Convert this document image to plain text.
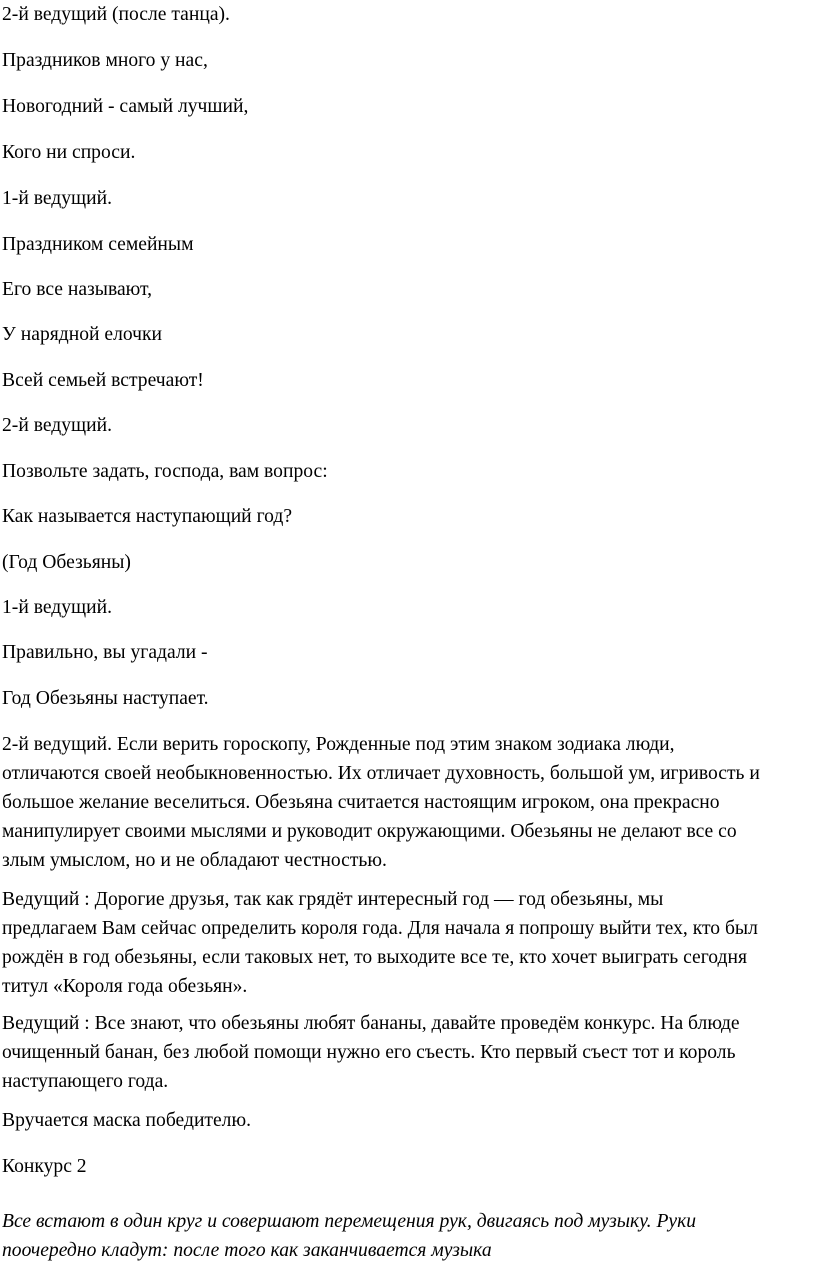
2-й ведущий (после танца).
Праздников много у нас,
Новогодний - самый лучший,
Кого ни спроси.
1-й ведущий.
Праздником семейным
Его все называют,
У нарядной елочки
Всей семьей встречают!
2-й ведущий.
Позвольте задать, господа, вам вопрос:
Как называется наступающий год?
(Год Обезьяны)
1-й ведущий.
Правильно, вы угадали -
Год Обезьяны наступает.
2-й ведущий. Если верить гороскопу, Рожденные под этим знаком зодиака люди,
отличаются своей необыкновенностью. Их отличает духовность, большой ум, игривость и
большое желание веселиться. Обезьяна считается настоящим игроком, она прекрасно
манипулирует своими мыслями и руководит окружающими. Обезьяны не делают все со
злым умыслом, но и не обладают честностью.
Ведущий : Дорогие друзья, так как грядёт интересный год — год обезьяны, мы
предлагаем Вам сейчас определить короля года. Для начала я попрошу выйти тех, кто был
рождён в год обезьяны, если таковых нет, то выходите все те, кто хочет выиграть сегодня
титул «Короля года обезьян».
Ведущий : Все знают, что обезьяны любят бананы, давайте проведём конкурс. На блюде
очищенный банан, без любой помощи нужно его съесть. Кто первый съест тот и король
наступающего года.
Вручается маска победителю.
Конкурс 2
Все встают в один круг и совершают перемещения рук, двигаясь под музыку. Руки
поочередно кладут: после того как заканчивается музыка
